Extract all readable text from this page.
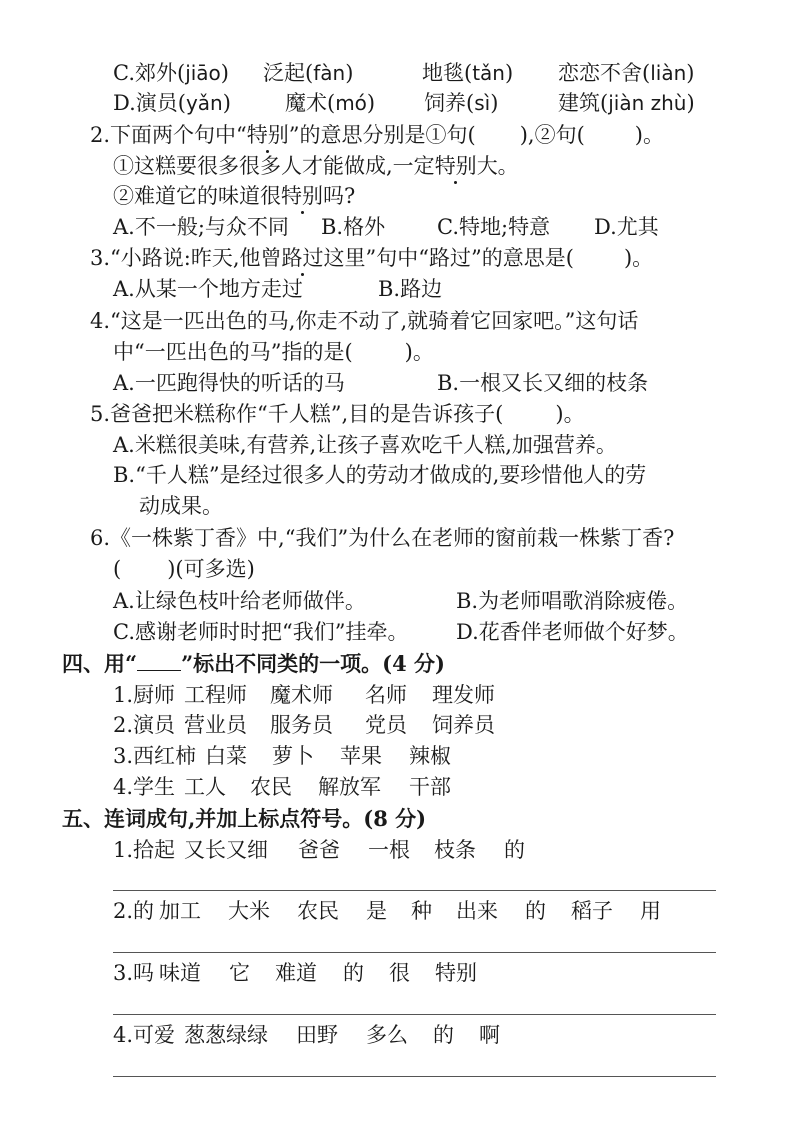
C.郊外(jiāo) 泛起(fàn)	地毯(tǎn) 恋恋不舍(liàn)
D.演员(yǎn)	魔术(mó) 饲养(sì)	建筑(jiàn zhù)
2.下面两个句中“特别”的意思分别是①句( ),②句( )。
①这糕要很多很多人才能做成,一定特别大。
②难道它的味道很特别吗?
A.不一般;与众不同 B.格外 C.特地;特意 D.尤其
3.“小路说:昨天,他曾路过这里”句中“路过”的意思是( )。
A.从某一个地方走过	B.路边
4.“这是一匹出色的马,你走不动了,就骑着它回家吧。”这句话
中“一匹出色的马”指的是( )。
A.一匹跑得快的听话的马	B.一根又长又细的枝条
5.爸爸把米糕称作“千人糕”,目的是告诉孩子( )。
A.米糕很美味,有营养,让孩子喜欢吃千人糕,加强营养。
B.“千人糕”是经过很多人的劳动才做成的,要珍惜他人的劳
动成果。
6.《一株紫丁香》中,“我们”为什么在老师的窗前栽一株紫丁香?
( )(可多选)
A.让绿色枝叶给老师做伴。	B.为老师唱歌消除疲倦。
C.感谢老师时时把“我们”挂牵。 D.花香伴老师做个好梦。
四、用“ ”标出不同类的一项。(4 分)
1.厨师 工程师 魔术师 名师 理发师
2.演员 营业员 服务员 党员 饲养员
3.西红柿 白菜 萝卜 苹果 辣椒
4.学生 工人 农民 解放军 干部
五、连词成句,并加上标点符号。(8 分)
1.拾起 又长又细 爸爸 一根 枝条 的
2.的 加工 大米 农民 是 种 出来 的 稻子 用
3.吗 味道 它 难道 的 很 特别
4.可爱 葱葱绿绿 田野 多么 的 啊
